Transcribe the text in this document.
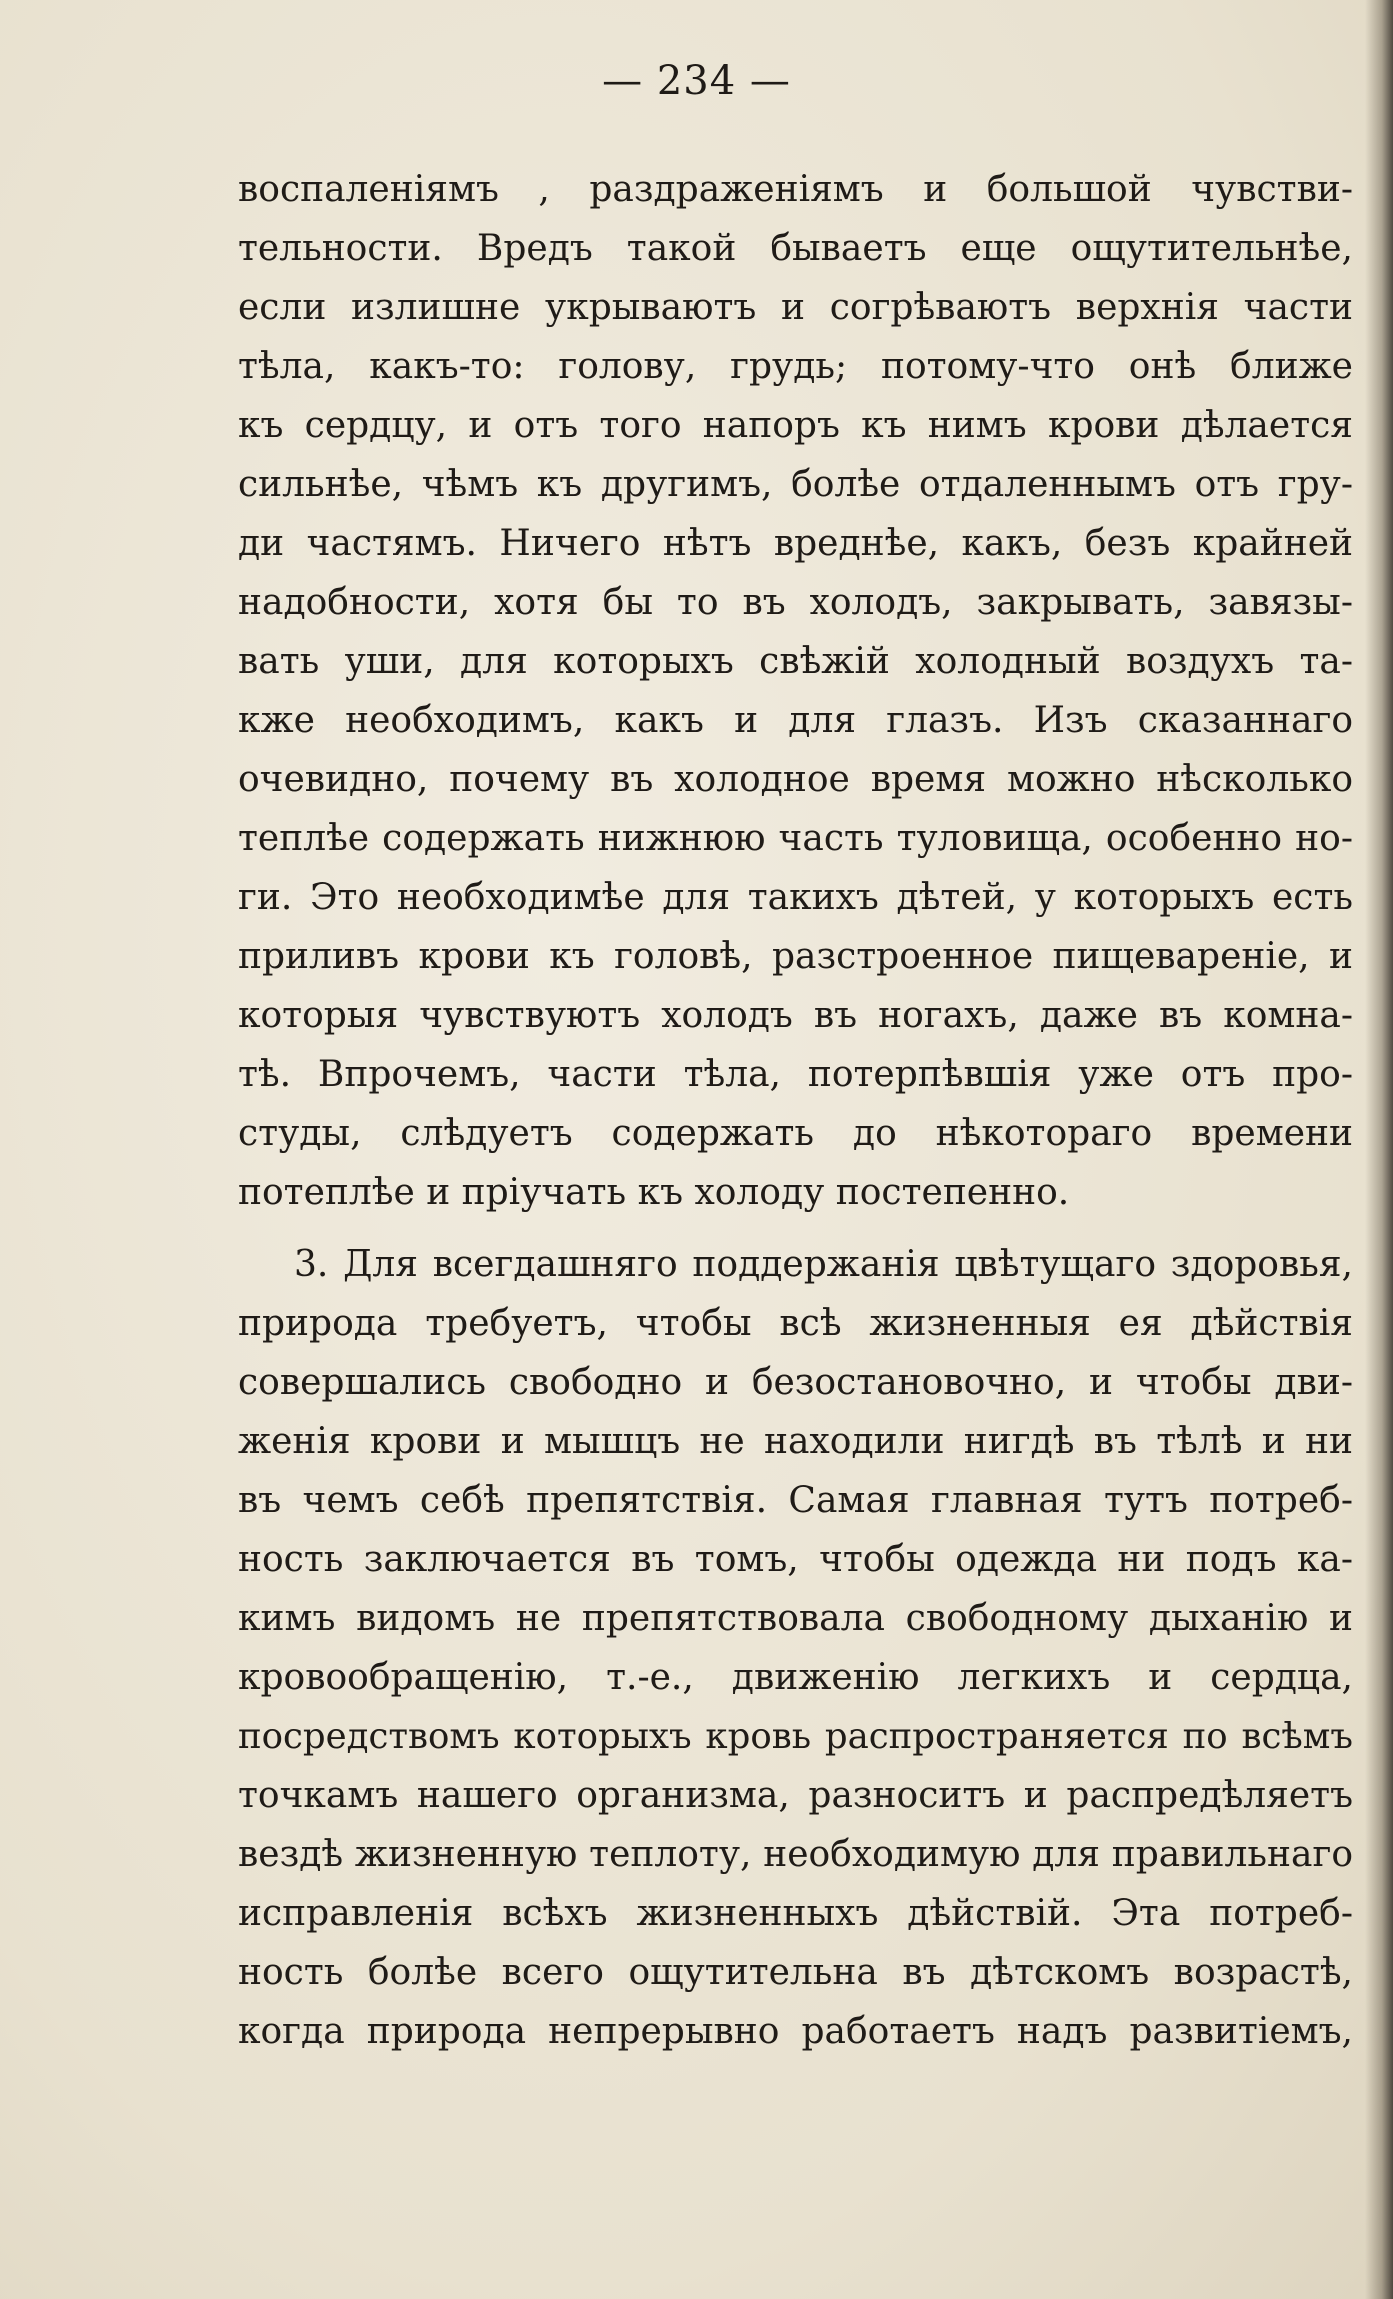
— 234 —
воспаленіямъ , раздраженіямъ и большой чувстви-
тельности. Вредъ такой бываетъ еще ощутительнѣе,
если излишне укрываютъ и согрѣваютъ верхнія части
тѣла, какъ-то: голову, грудь; потому-что онѣ ближе
къ сердцу, и отъ того напоръ къ нимъ крови дѣлается
сильнѣе, чѣмъ къ другимъ, болѣе отдаленнымъ отъ гру-
ди частямъ. Ничего нѣтъ вреднѣе, какъ, безъ крайней
надобности, хотя бы то въ холодъ, закрывать, завязы-
вать уши, для которыхъ свѣжій холодный воздухъ та-
кже необходимъ, какъ и для глазъ. Изъ сказаннаго
очевидно, почему въ холодное время можно нѣсколько
теплѣе содержать нижнюю часть туловища, особенно но-
ги. Это необходимѣе для такихъ дѣтей, у которыхъ есть
приливъ крови къ головѣ, разстроенное пищевареніе, и
которыя чувствуютъ холодъ въ ногахъ, даже въ комна-
тѣ. Впрочемъ, части тѣла, потерпѣвшія уже отъ про-
студы, слѣдуетъ содержать до нѣкотораго времени
потеплѣе и пріучать къ холоду постепенно.
3. Для всегдашняго поддержанія цвѣтущаго здоровья,
природа требуетъ, чтобы всѣ жизненныя ея дѣйствія
совершались свободно и безостановочно, и чтобы дви-
женія крови и мышцъ не находили нигдѣ въ тѣлѣ и ни
въ чемъ себѣ препятствія. Самая главная тутъ потреб-
ность заключается въ томъ, чтобы одежда ни подъ ка-
кимъ видомъ не препятствовала свободному дыханію и
кровообращенію, т.-е., движенію легкихъ и сердца,
посредствомъ которыхъ кровь распространяется по всѣмъ
точкамъ нашего организма, разноситъ и распредѣляетъ
вездѣ жизненную теплоту, необходимую для правильнаго
исправленія всѣхъ жизненныхъ дѣйствій. Эта потреб-
ность болѣе всего ощутительна въ дѣтскомъ возрастѣ,
когда природа непрерывно работаетъ надъ развитіемъ,
